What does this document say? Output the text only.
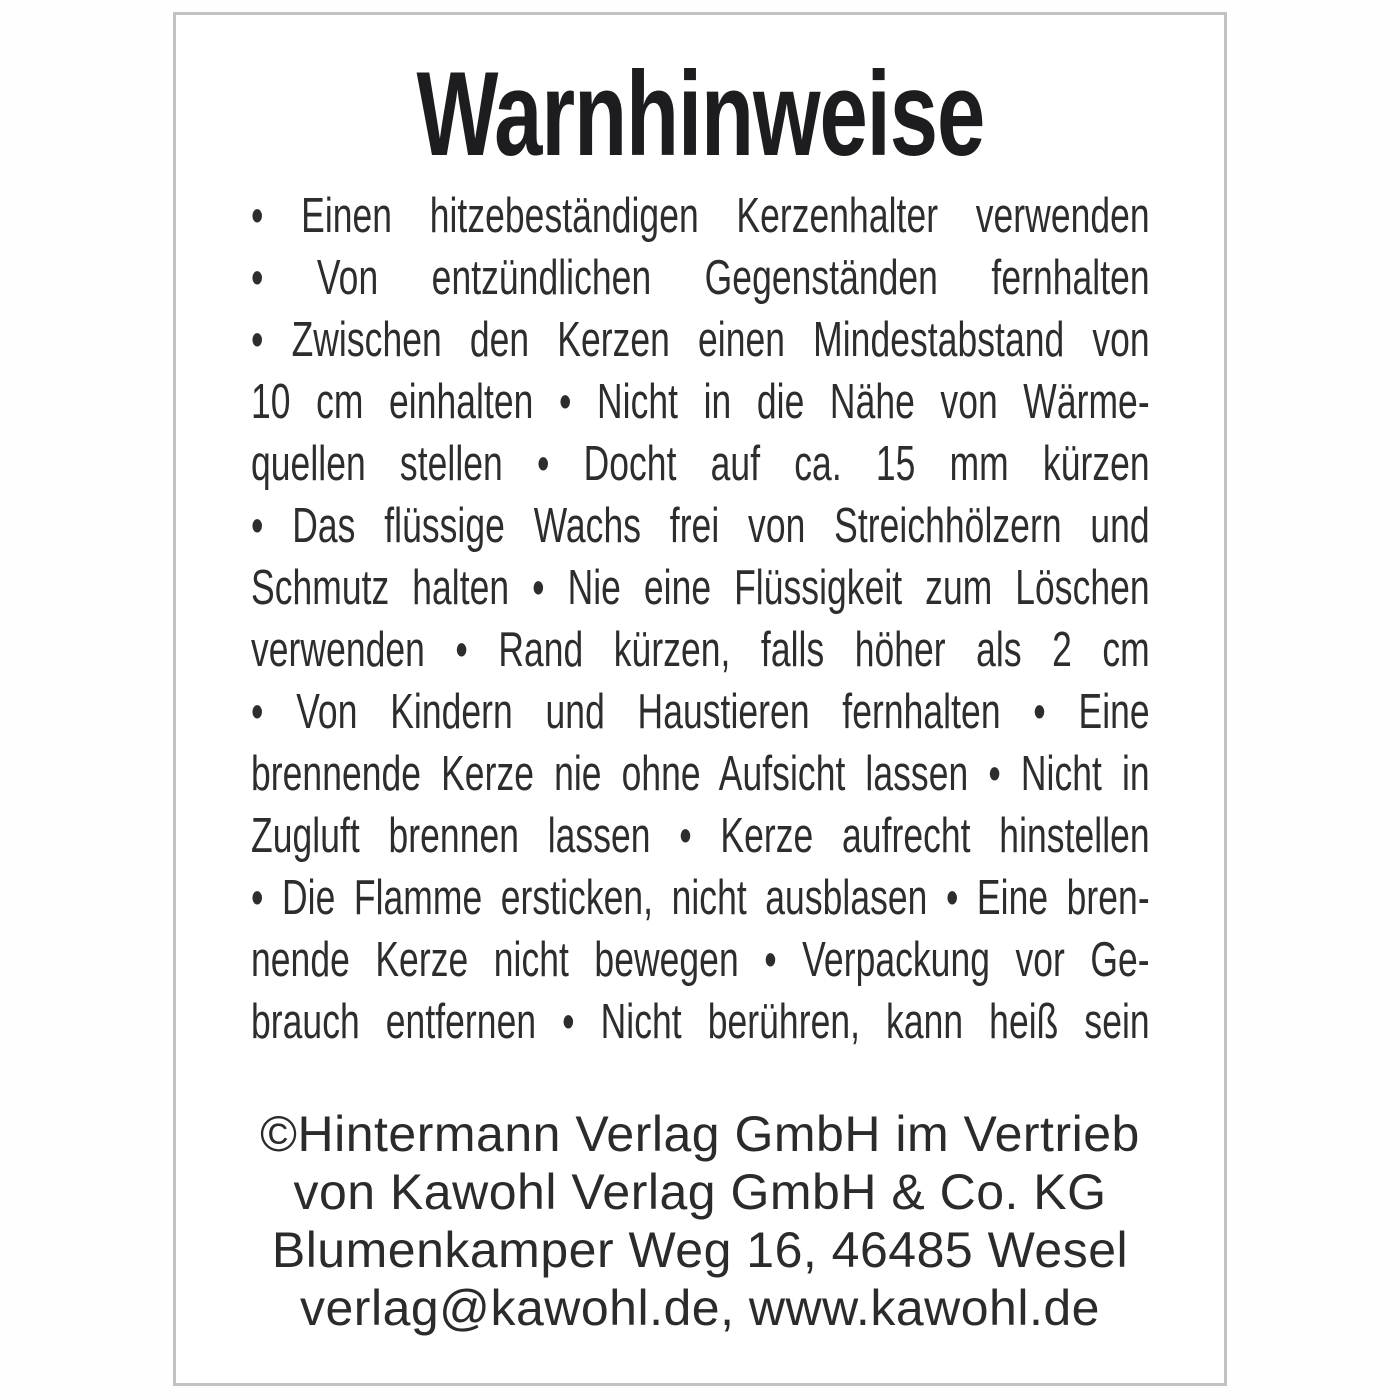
Warnhinweise
• Einen hitzebeständigen Kerzenhalter verwenden
• Von entzündlichen Gegenständen fernhalten
• Zwischen den Kerzen einen Mindestabstand von
10 cm einhalten • Nicht in die Nähe von Wärme-
quellen stellen • Docht auf ca. 15 mm kürzen
• Das flüssige Wachs frei von Streichhölzern und
Schmutz halten • Nie eine Flüssigkeit zum Löschen
verwenden • Rand kürzen, falls höher als 2 cm
• Von Kindern und Haustieren fernhalten • Eine
brennende Kerze nie ohne Aufsicht lassen • Nicht in
Zugluft brennen lassen • Kerze aufrecht hinstellen
• Die Flamme ersticken, nicht ausblasen • Eine bren-
nende Kerze nicht bewegen • Verpackung vor Ge-
brauch entfernen • Nicht berühren, kann heiß sein
©Hintermann Verlag GmbH im Vertrieb
von Kawohl Verlag GmbH & Co. KG
Blumenkamper Weg 16, 46485 Wesel
verlag@kawohl.de, www.kawohl.de
